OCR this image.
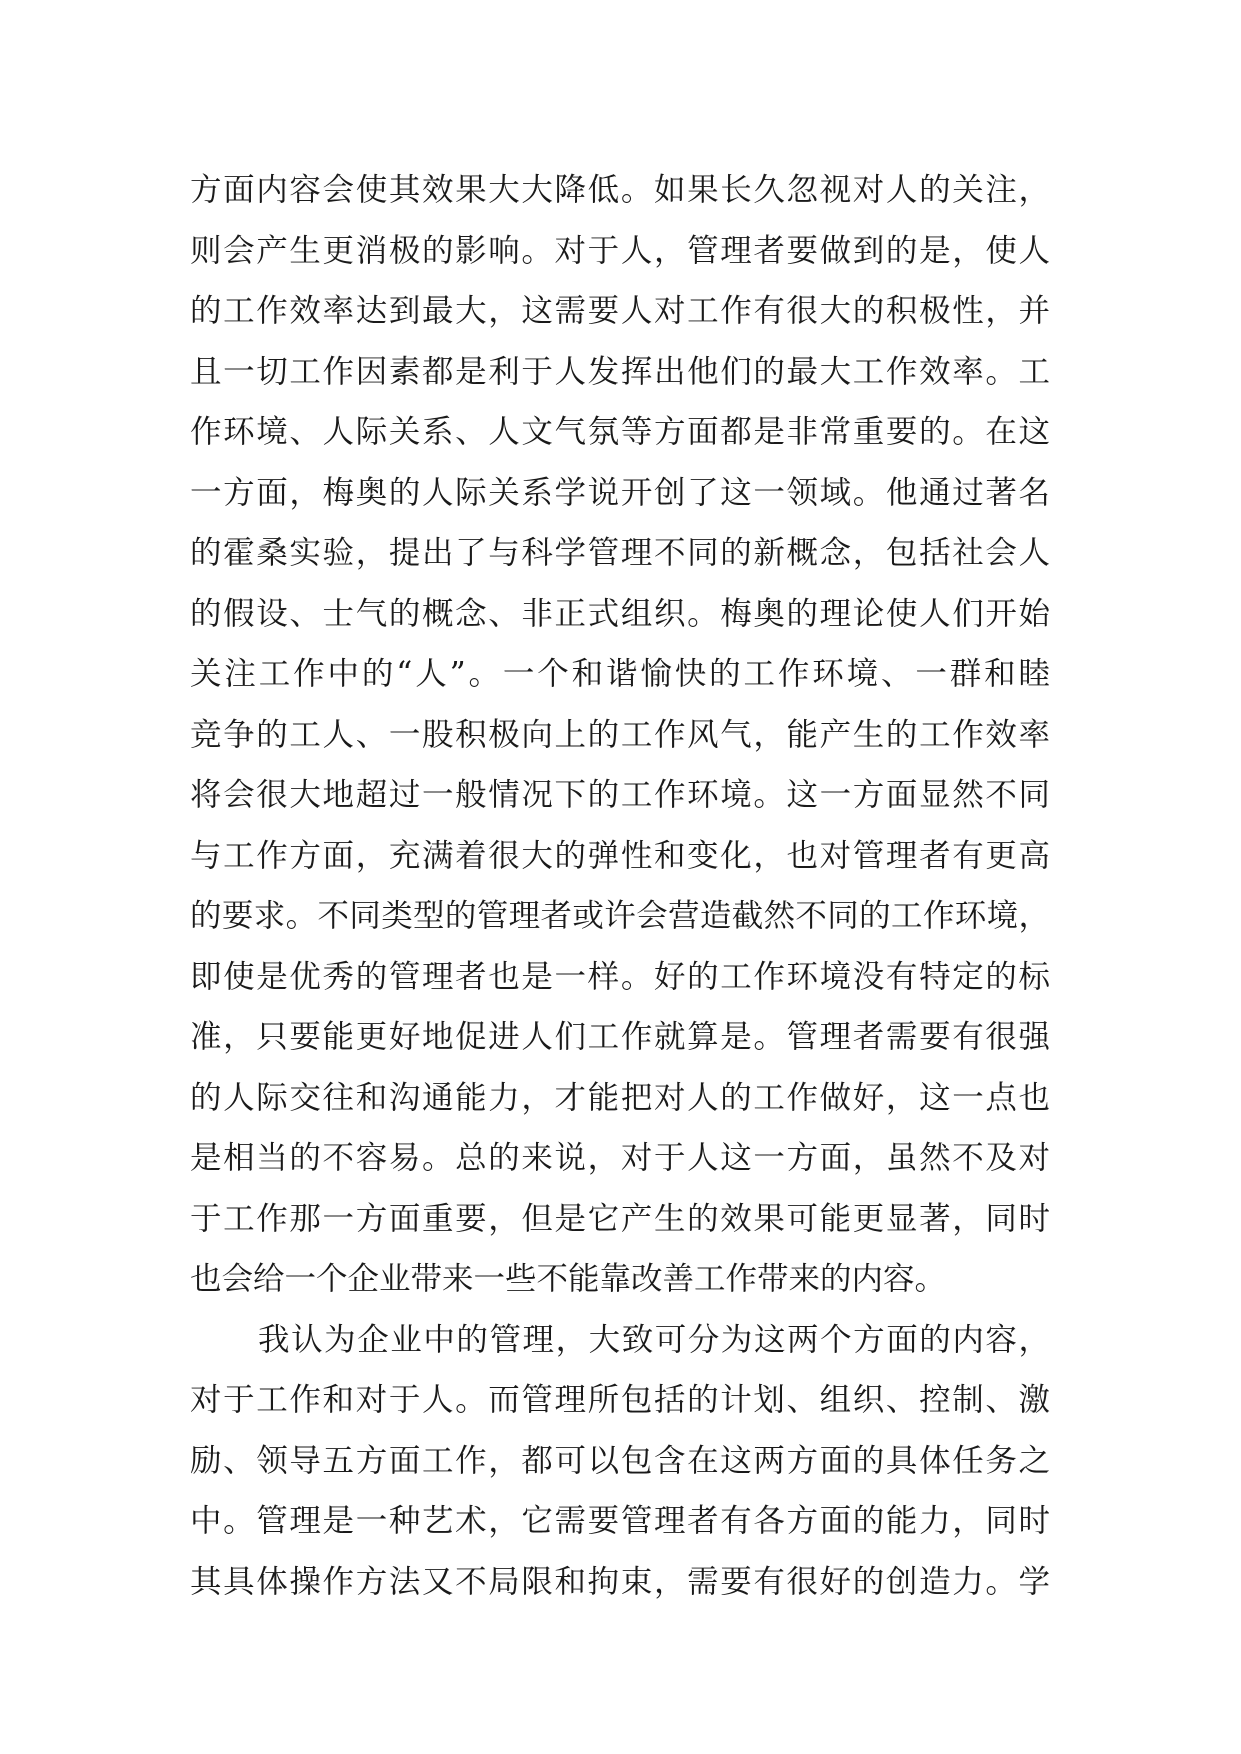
方面内容会使其效果大大降低。如果长久忽视对人的关注，
则会产生更消极的影响。对于人，管理者要做到的是，使人
的工作效率达到最大，这需要人对工作有很大的积极性，并
且一切工作因素都是利于人发挥出他们的最大工作效率。工
作环境、人际关系、人文气氛等方面都是非常重要的。在这
一方面，梅奥的人际关系学说开创了这一领域。他通过著名
的霍桑实验，提出了与科学管理不同的新概念，包括社会人
的假设、士气的概念、非正式组织。梅奥的理论使人们开始
关注工作中的“人”。一个和谐愉快的工作环境、一群和睦
竞争的工人、一股积极向上的工作风气，能产生的工作效率
将会很大地超过一般情况下的工作环境。这一方面显然不同
与工作方面，充满着很大的弹性和变化，也对管理者有更高
的要求。不同类型的管理者或许会营造截然不同的工作环境，
即使是优秀的管理者也是一样。好的工作环境没有特定的标
准，只要能更好地促进人们工作就算是。管理者需要有很强
的人际交往和沟通能力，才能把对人的工作做好，这一点也
是相当的不容易。总的来说，对于人这一方面，虽然不及对
于工作那一方面重要，但是它产生的效果可能更显著，同时
也会给一个企业带来一些不能靠改善工作带来的内容。
我认为企业中的管理，大致可分为这两个方面的内容，
对于工作和对于人。而管理所包括的计划、组织、控制、激
励、领导五方面工作，都可以包含在这两方面的具体任务之
中。管理是一种艺术，它需要管理者有各方面的能力，同时
其具体操作方法又不局限和拘束，需要有很好的创造力。学
